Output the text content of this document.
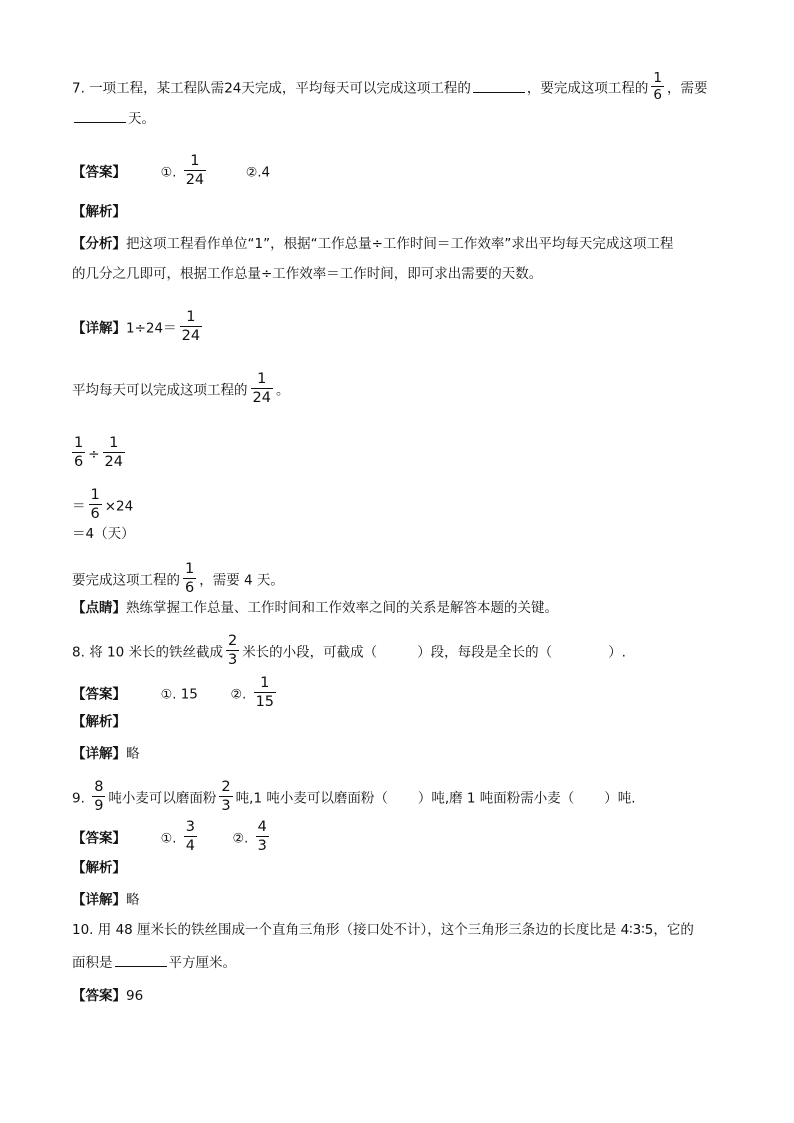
7. 一项工程，某工程队需24天完成，平均每天可以完成这项工程的	，要完成这项工程的 $\frac{1}{6}$ ，需要
天。
【答案】	①. $\frac{1}{24}$	②.4
【解析】
【分析】把这项工程看作单位“1”，根据“工作总量÷工作时间＝工作效率”求出平均每天完成这项工程
的几分之几即可，根据工作总量÷工作效率＝工作时间，即可求出需要的天数。
【详解】$1\div 24= \frac{1}{24}$
平均每天可以完成这项工程的 $\frac{1}{24}$ 。
$\frac{1}{6} \div \frac{1}{24}$
＝ $\frac{1}{6} \times 24$
＝4（天）
要完成这项工程的 $\frac{1}{6}$ ，需要 4 天。
【点睛】熟练掌握工作总量、工作时间和工作效率之间的关系是解答本题的关键。
8. 将 10 米长的铁丝截成 $\frac{2}{3}$ 米长的小段，可截成（	）段，每段是全长的（	）.
【答案】	①. 15	②. $\frac{1}{15}$
【解析】
【详解】略
9. $\frac{8}{9}$ 吨小麦可以磨面粉 $\frac{2}{3}$ 吨,1 吨小麦可以磨面粉（ ）吨,磨 1 吨面粉需小麦（ ）吨.
【答案】	①. $\frac{3}{4}$	②. $\frac{4}{3}$
【解析】
【详解】略
10. 用 48 厘米长的铁丝围成一个直角三角形（接口处不计），这个三角形三条边的长度比是 4∶3∶5，它的
面积是	平方厘米。
【答案】96
